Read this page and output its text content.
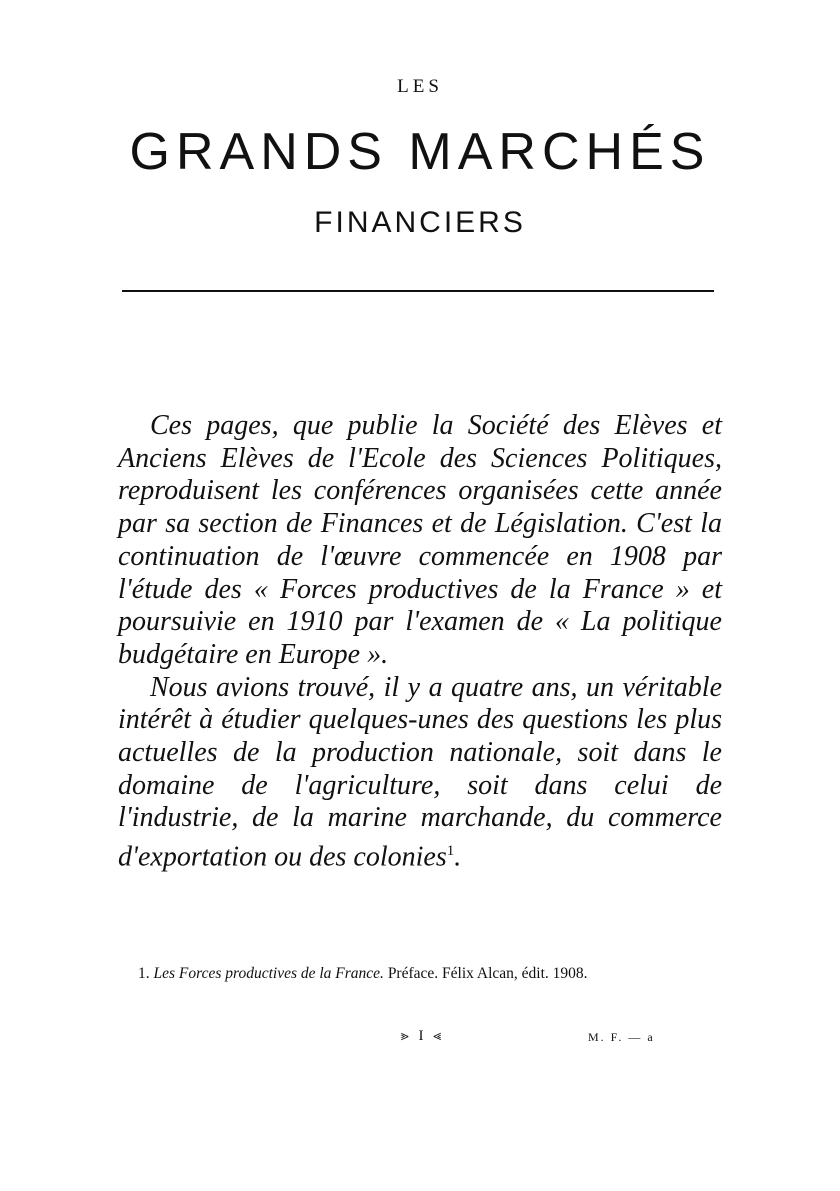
LES
GRANDS MARCHÉS
FINANCIERS

Ces pages, que publie la Société des Elèves et Anciens Elèves de l'Ecole des Sciences Politiques, reproduisent les conférences organisées cette année par sa section de Finances et de Législation. C'est la continuation de l'œuvre commencée en 1908 par l'étude des « Forces productives de la France » et poursuivie en 1910 par l'examen de « La politique budgétaire en Europe ».

Nous avions trouvé, il y a quatre ans, un véritable intérêt à étudier quelques-unes des questions les plus actuelles de la production nationale, soit dans le domaine de l'agriculture, soit dans celui de l'industrie, de la marine marchande, du commerce d'exportation ou des colonies$^1$.

1. Les Forces productives de la France. Préface. Félix Alcan, édit. 1908.
⪢ I ⪡	M. F. — a
